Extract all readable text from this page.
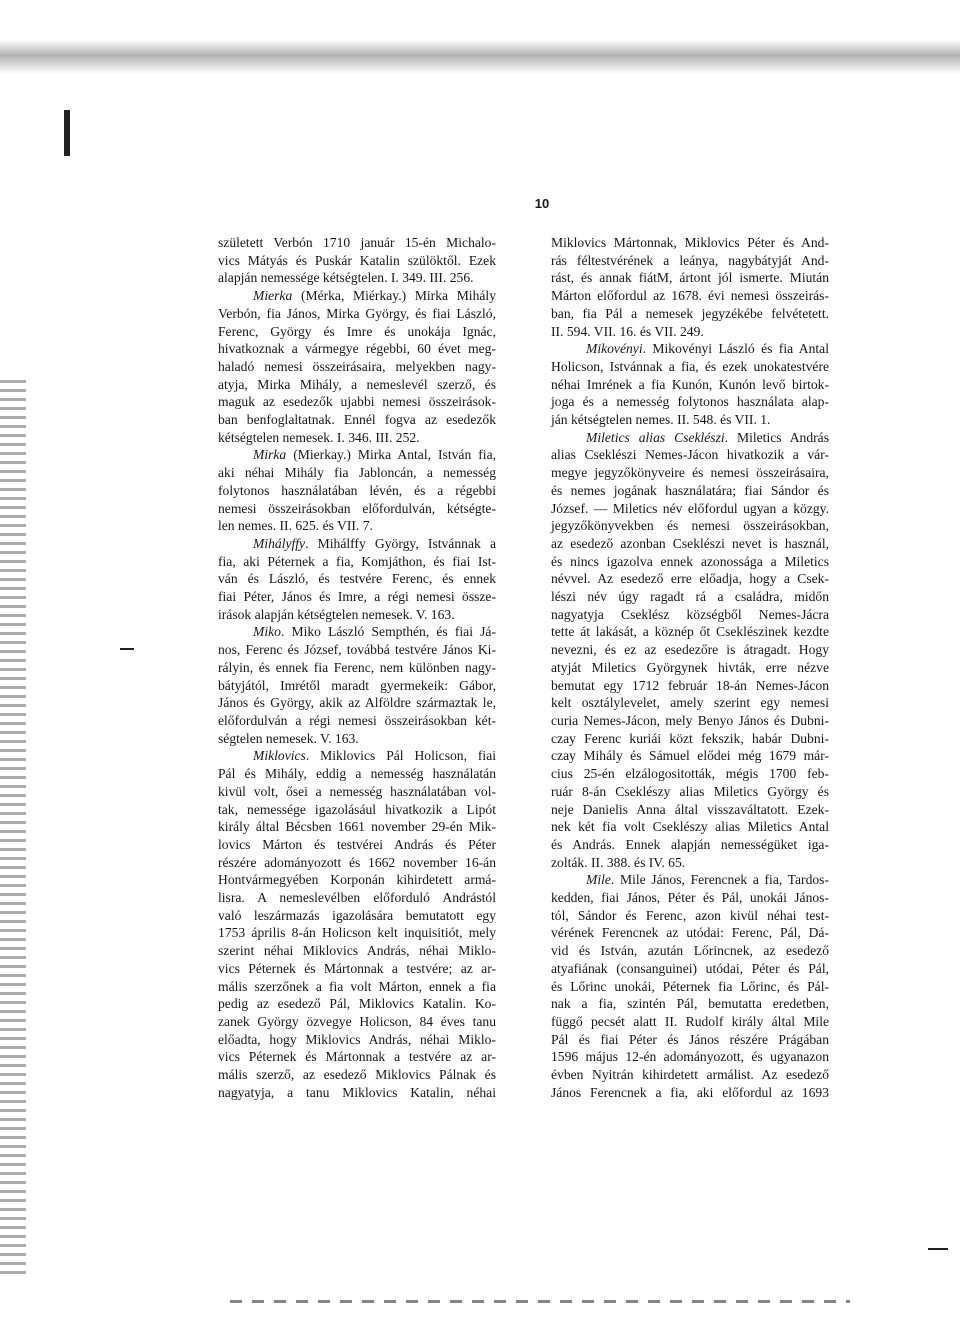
10
született Verbón 1710 január 15-én Michalo-
vics Mátyás és Puskár Katalin szülöktől. Ezek
alapján nemessége kétségtelen. I. 349. III. 256.
Mierka (Mérka, Miérkay.) Mirka Mihály
Verbón, fia János, Mirka György, és fiai László,
Ferenc, György és Imre és unokája Ignác,
hivatkoznak a vármegye régebbi, 60 évet meg-
haladó nemesi összeirásaira, melyekben nagy-
atyja, Mirka Mihály, a nemeslevél szerző, és
maguk az esedezők ujabbi nemesi összeirások-
ban benfoglaltatnak. Ennél fogva az esedezők
kétségtelen nemesek. I. 346. III. 252.
Mirka (Mierkay.) Mirka Antal, István fia,
aki néhai Mihály fia Jabloncán, a nemesség
folytonos használatában lévén, és a régebbi
nemesi összeirásokban előfordulván, kétségte-
len nemes. II. 625. és VII. 7.
Mihályffy. Mihálffy György, Istvánnak a
fia, aki Péternek a fia, Komjáthon, és fiai Ist-
ván és László, és testvére Ferenc, és ennek
fiai Péter, János és Imre, a régi nemesi össze-
irások alapján kétségtelen nemesek. V. 163.
Miko. Miko László Sempthén, és fiai Já-
nos, Ferenc és József, továbbá testvére János Ki-
rályin, és ennek fia Ferenc, nem különben nagy-
bátyjától, Imrétől maradt gyermekeik: Gábor,
János és György, akik az Alföldre származtak le,
előfordulván a régi nemesi összeirásokban két-
ségtelen nemesek. V. 163.
Miklovics. Miklovics Pál Holicson, fiai
Pál és Mihály, eddig a nemesség használatán
kivül volt, ősei a nemesség használatában vol-
tak, nemessége igazolásául hivatkozik a Lipót
király által Bécsben 1661 november 29-én Mik-
lovics Márton és testvérei András és Péter
részére adományozott és 1662 november 16-án
Hontvármegyében Korponán kihirdetett armá-
lisra. A nemeslevélben előforduló Andrástól
való leszármazás igazolására bemutatott egy
1753 április 8-án Holicson kelt inquisitiót, mely
szerint néhai Miklovics András, néhai Miklo-
vics Péternek és Mártonnak a testvére; az ar-
mális szerzőnek a fia volt Márton, ennek a fia
pedig az esedező Pál, Miklovics Katalin. Ko-
zanek György özvegye Holicson, 84 éves tanu
előadta, hogy Miklovics András, néhai Miklo-
vics Péternek és Mártonnak a testvére az ar-
mális szerző, az esedező Miklovics Pálnak és
nagyatyja, a tanu Miklovics Katalin, néhai
Miklovics Mártonnak, Miklovics Péter és And-
rás féltestvérének a leánya, nagybátyját And-
rást, és annak fiátM, ártont jól ismerte. Miután
Márton előfordul az 1678. évi nemesi összeirás-
ban, fia Pál a nemesek jegyzékébe felvétetett.
II. 594. VII. 16. és VII. 249.
Mikovényi. Mikovényi László és fia Antal
Holicson, Istvánnak a fia, és ezek unokatestvére
néhai Imrének a fia Kunón, Kunón levő birtok-
joga és a nemesség folytonos használata alap-
ján kétségtelen nemes. II. 548. és VII. 1.
Miletics alias Cseklészi. Miletics András
alias Cseklészi Nemes-Jácon hivatkozik a vár-
megye jegyzőkönyveire és nemesi összeirásaira,
és nemes jogának használatára; fiai Sándor és
József. — Miletics név előfordul ugyan a közgy.
jegyzőkönyvekben és nemesi összeirásokban,
az esedező azonban Cseklészi nevet is használ,
és nincs igazolva ennek azonossága a Miletics
névvel. Az esedező erre előadja, hogy a Csek-
lészi név úgy ragadt rá a családra, midőn
nagyatyja Cseklész községből Nemes-Jácra
tette át lakását, a köznép őt Cseklészinek kezdte
nevezni, és ez az esedezőre is átragadt. Hogy
atyját Miletics Györgynek hivták, erre nézve
bemutat egy 1712 február 18-án Nemes-Jácon
kelt osztálylevelet, amely szerint egy nemesi
curia Nemes-Jácon, mely Benyo János és Dubni-
czay Ferenc kuriái közt fekszik, habár Dubni-
czay Mihály és Sámuel elődei még 1679 már-
cius 25-én elzálogositották, mégis 1700 feb-
ruár 8-án Cseklészy alias Miletics György és
neje Danielis Anna által visszaváltatott. Ezek-
nek két fia volt Cseklészy alias Miletics Antal
és András. Ennek alapján nemességüket iga-
zolták. II. 388. és IV. 65.
Mile. Mile János, Ferencnek a fia, Tardos-
kedden, fiai János, Péter és Pál, unokái János-
tól, Sándor és Ferenc, azon kivül néhai test-
vérének Ferencnek az utódai: Ferenc, Pál, Dá-
vid és István, azután Lőrincnek, az esedező
atyafiának (consanguinei) utódai, Péter és Pál,
és Lőrinc unokái, Péternek fia Lőrinc, és Pál-
nak a fia, szintén Pál, bemutatta eredetben,
függő pecsét alatt II. Rudolf király által Mile
Pál és fiai Péter és János részére Prágában
1596 május 12-én adományozott, és ugyanazon
évben Nyitrán kihirdetett armálist. Az esedező
János Ferencnek a fia, aki előfordul az 1693
